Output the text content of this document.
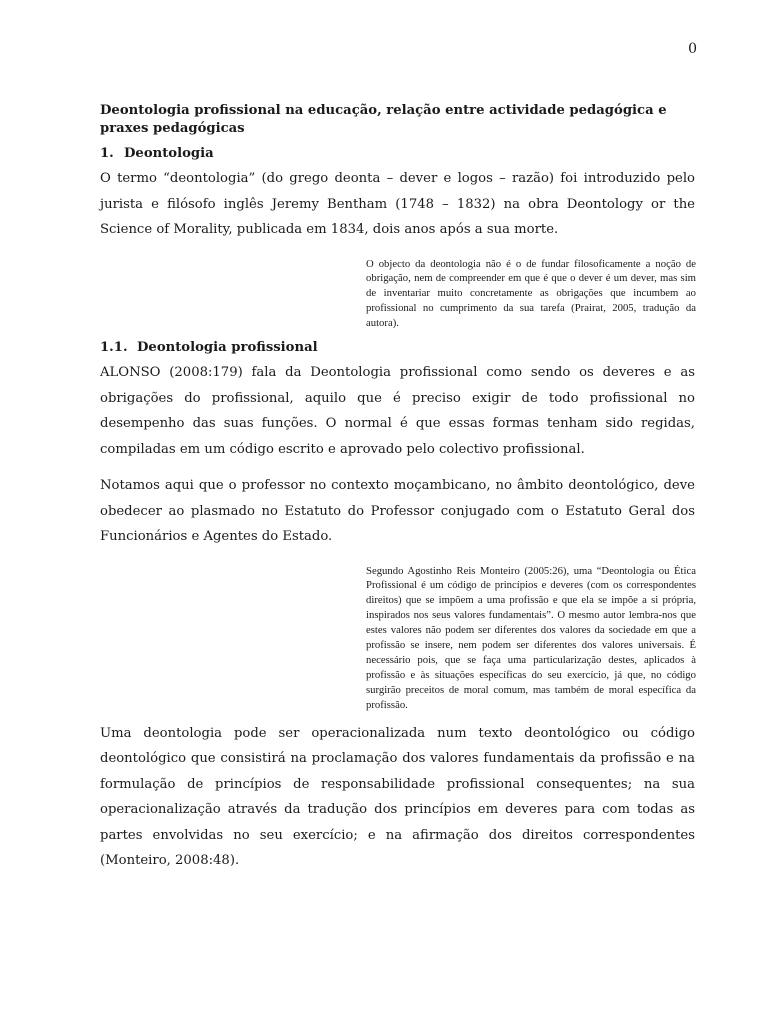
0

Deontologia profissional na educação, relação entre actividade pedagógica e praxes pedagógicas

1. Deontologia

O termo “deontologia” (do grego deonta – dever e logos – razão) foi introduzido pelo jurista e filósofo inglês Jeremy Bentham (1748 – 1832) na obra Deontology or the Science of Morality, publicada em 1834, dois anos após a sua morte.

O objecto da deontologia não é o de fundar filosoficamente a noção de obrigação, nem de compreender em que é que o dever é um dever, mas sim de inventariar muito concretamente as obrigações que incumbem ao profissional no cumprimento da sua tarefa (Prairat, 2005, tradução da autora).
1.1. Deontologia profissional

ALONSO (2008:179) fala da Deontologia profissional como sendo os deveres e as obrigações do profissional, aquilo que é preciso exigir de todo profissional no desempenho das suas funções. O normal é que essas formas tenham sido regidas, compiladas em um código escrito e aprovado pelo colectivo profissional.

Notamos aqui que o professor no contexto moçambicano, no âmbito deontológico, deve obedecer ao plasmado no Estatuto do Professor conjugado com o Estatuto Geral dos Funcionários e Agentes do Estado.

Segundo Agostinho Reis Monteiro (2005:26), uma “Deontologia ou Ética Profissional é um código de princípios e deveres (com os correspondentes direitos) que se impõem a uma profissão e que ela se impõe a si própria, inspirados nos seus valores fundamentais”. O mesmo autor lembra-nos que estes valores não podem ser diferentes dos valores da sociedade em que a profissão se insere, nem podem ser diferentes dos valores universais. É necessário pois, que se faça uma particularização destes, aplicados à profissão e às situações específicas do seu exercício, já que, no código surgirão preceitos de moral comum, mas também de moral específica da profissão.

Uma deontologia pode ser operacionalizada num texto deontológico ou código deontológico que consistirá na proclamação dos valores fundamentais da profissão e na formulação de princípios de responsabilidade profissional consequentes; na sua operacionalização através da tradução dos princípios em deveres para com todas as partes envolvidas no seu exercício; e na afirmação dos direitos correspondentes (Monteiro, 2008:48).
